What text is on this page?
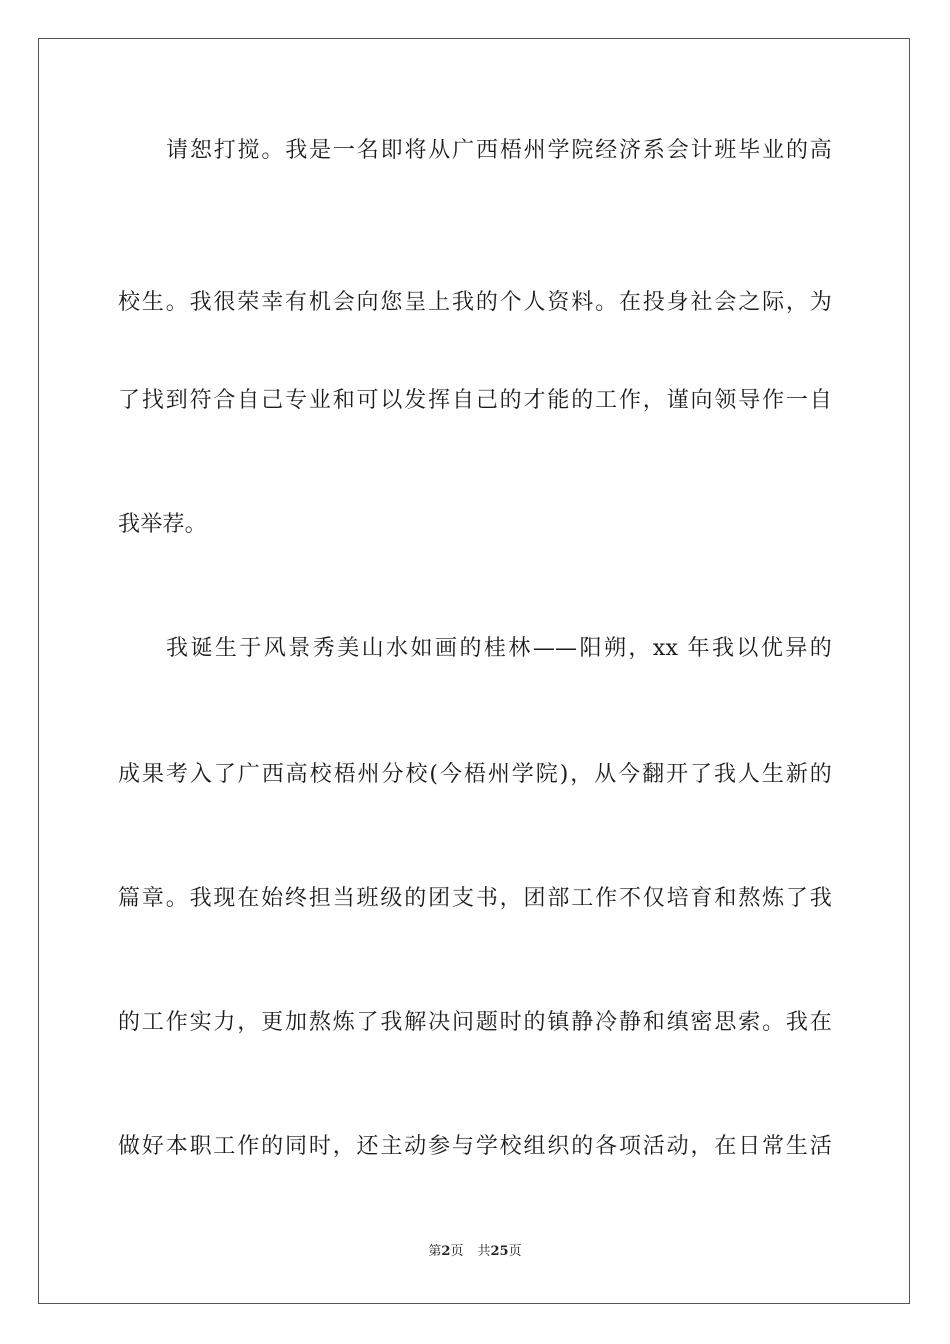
请恕打搅。我是一名即将从广西梧州学院经济系会计班毕业的高
校生。我很荣幸有机会向您呈上我的个人资料。在投身社会之际，为
了找到符合自己专业和可以发挥自己的才能的工作，谨向领导作一自
我举荐。
我诞生于风景秀美山水如画的桂林——阳朔，xx 年我以优异的
成果考入了广西高校梧州分校(今梧州学院)，从今翻开了我人生新的
篇章。我现在始终担当班级的团支书，团部工作不仅培育和熬炼了我
的工作实力，更加熬炼了我解决问题时的镇静冷静和缜密思索。我在
做好本职工作的同时，还主动参与学校组织的各项活动，在日常生活
第2页 共25页
